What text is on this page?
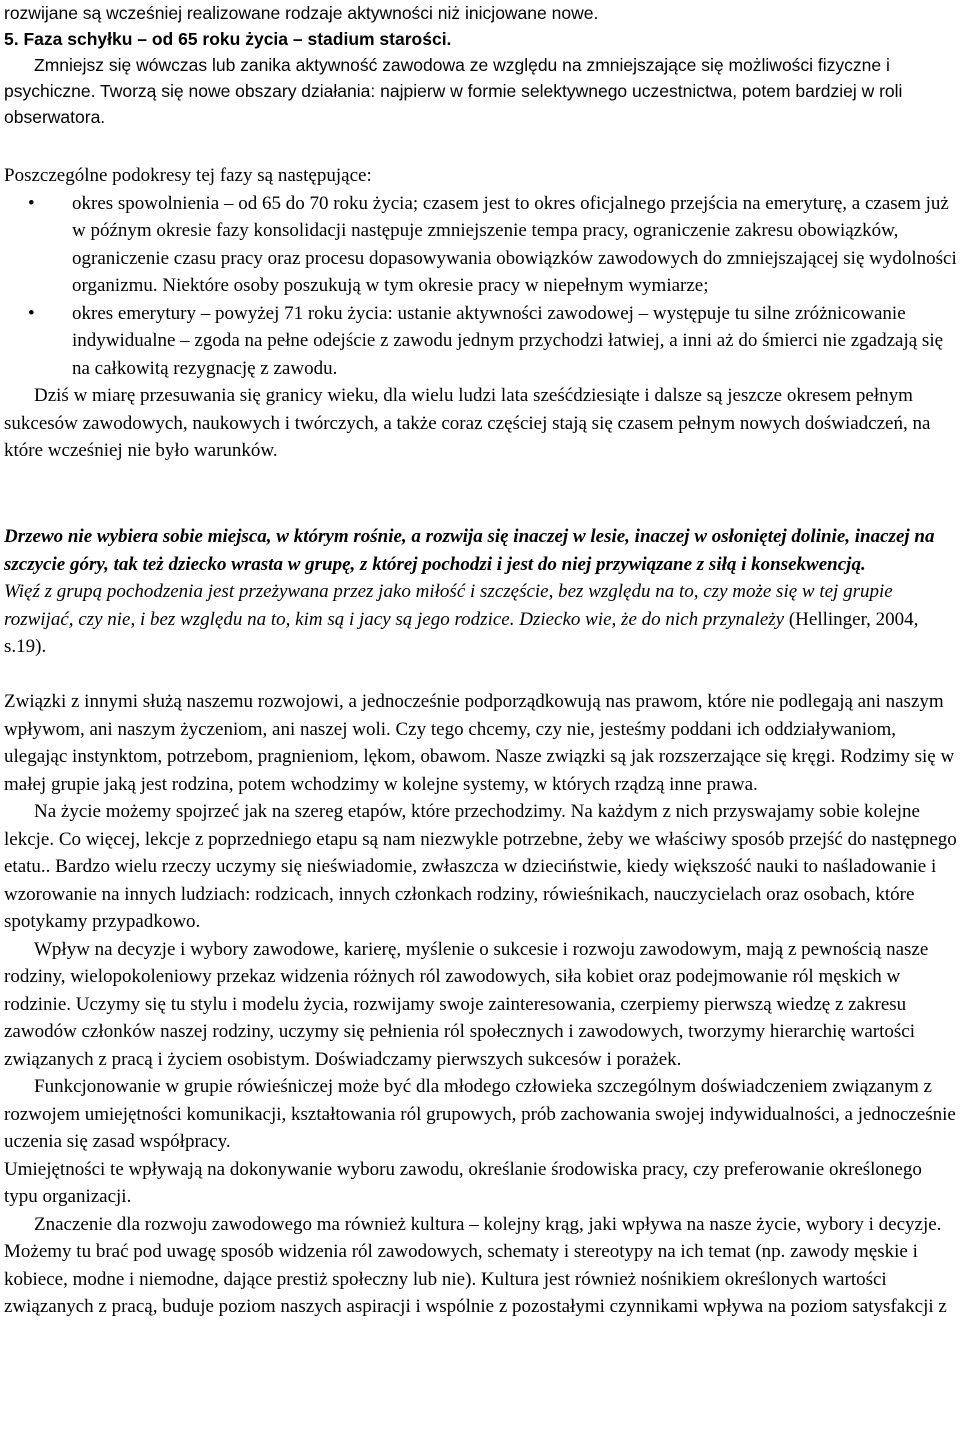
rozwijane są wcześniej realizowane rodzaje aktywności niż inicjowane nowe.

5. Faza schyłku – od 65 roku życia – stadium starości.

Zmniejsz się wówczas lub zanika aktywność zawodowa ze względu na zmniejszające się możliwości fizyczne i psychiczne. Tworzą się nowe obszary działania: najpierw w formie selektywnego uczestnictwa, potem bardziej w roli obserwatora.

Poszczególne podokresy tej fazy są następujące:

• okres spowolnienia – od 65 do 70 roku życia; czasem jest to okres oficjalnego przejścia na emeryturę, a czasem już w późnym okresie fazy konsolidacji następuje zmniejszenie tempa pracy, ograniczenie zakresu obowiązków, ograniczenie czasu pracy oraz procesu dopasowywania obowiązków zawodowych do zmniejszającej się wydolności organizmu. Niektóre osoby poszukują w tym okresie pracy w niepełnym wymiarze;
• okres emerytury – powyżej 71 roku życia: ustanie aktywności zawodowej – występuje tu silne zróżnicowanie indywidualne – zgoda na pełne odejście z zawodu jednym przychodzi łatwiej, a inni aż do śmierci nie zgadzają się na całkowitą rezygnację z zawodu.

Dziś w miarę przesuwania się granicy wieku, dla wielu ludzi lata sześćdziesiąte i dalsze są jeszcze okresem pełnym sukcesów zawodowych, naukowych i twórczych, a także coraz częściej stają się czasem pełnym nowych doświadczeń, na które wcześniej nie było warunków.

Drzewo nie wybiera sobie miejsca, w którym rośnie, a rozwija się inaczej w lesie, inaczej w osłoniętej dolinie, inaczej na szczycie góry, tak też dziecko wrasta w grupę, z której pochodzi i jest do niej przywiązane z siłą i konsekwencją.

Więź z grupą pochodzenia jest przeżywana przez jako miłość i szczęście, bez względu na to, czy może się w tej grupie rozwijać, czy nie, i bez względu na to, kim są i jacy są jego rodzice. Dziecko wie, że do nich przynależy (Hellinger, 2004, s.19).

Związki z innymi służą naszemu rozwojowi, a jednocześnie podporządkowują nas prawom, które nie podlegają ani naszym wpływom, ani naszym życzeniom, ani naszej woli. Czy tego chcemy, czy nie, jesteśmy poddani ich oddziaływaniom, ulegając instynktom, potrzebom, pragnieniom, lękom, obawom. Nasze związki są jak rozszerzające się kręgi. Rodzimy się w małej grupie jaką jest rodzina, potem wchodzimy w kolejne systemy, w których rządzą inne prawa.

Na życie możemy spojrzeć jak na szereg etapów, które przechodzimy. Na każdym z nich przyswajamy sobie kolejne lekcje. Co więcej, lekcje z poprzedniego etapu są nam niezwykle potrzebne, żeby we właściwy sposób przejść do następnego etatu.. Bardzo wielu rzeczy uczymy się nieświadomie, zwłaszcza w dzieciństwie, kiedy większość nauki to naśladowanie i wzorowanie na innych ludziach: rodzicach, innych członkach rodziny, rówieśnikach, nauczycielach oraz osobach, które spotykamy przypadkowo.

Wpływ na decyzje i wybory zawodowe, karierę, myślenie o sukcesie i rozwoju zawodowym, mają z pewnością nasze rodziny, wielopokoleniowy przekaz widzenia różnych ról zawodowych, siła kobiet oraz podejmowanie ról męskich w rodzinie. Uczymy się tu stylu i modelu życia, rozwijamy swoje zainteresowania, czerpiemy pierwszą wiedzę z zakresu zawodów członków naszej rodziny, uczymy się pełnienia ról społecznych i zawodowych, tworzymy hierarchię wartości związanych z pracą i życiem osobistym. Doświadczamy pierwszych sukcesów i porażek.

Funkcjonowanie w grupie rówieśniczej może być dla młodego człowieka szczególnym doświadczeniem związanym z rozwojem umiejętności komunikacji, kształtowania ról grupowych, prób zachowania swojej indywidualności, a jednocześnie uczenia się zasad współpracy.

Umiejętności te wpływają na dokonywanie wyboru zawodu, określanie środowiska pracy, czy preferowanie określonego typu organizacji.

Znaczenie dla rozwoju zawodowego ma również kultura – kolejny krąg, jaki wpływa na nasze życie, wybory i decyzje. Możemy tu brać pod uwagę sposób widzenia ról zawodowych, schematy i stereotypy na ich temat (np. zawody męskie i kobiece, modne i niemodne, dające prestiż społeczny lub nie). Kultura jest również nośnikiem określonych wartości związanych z pracą, buduje poziom naszych aspiracji i wspólnie z pozostałymi czynnikami wpływa na poziom satysfakcji z
